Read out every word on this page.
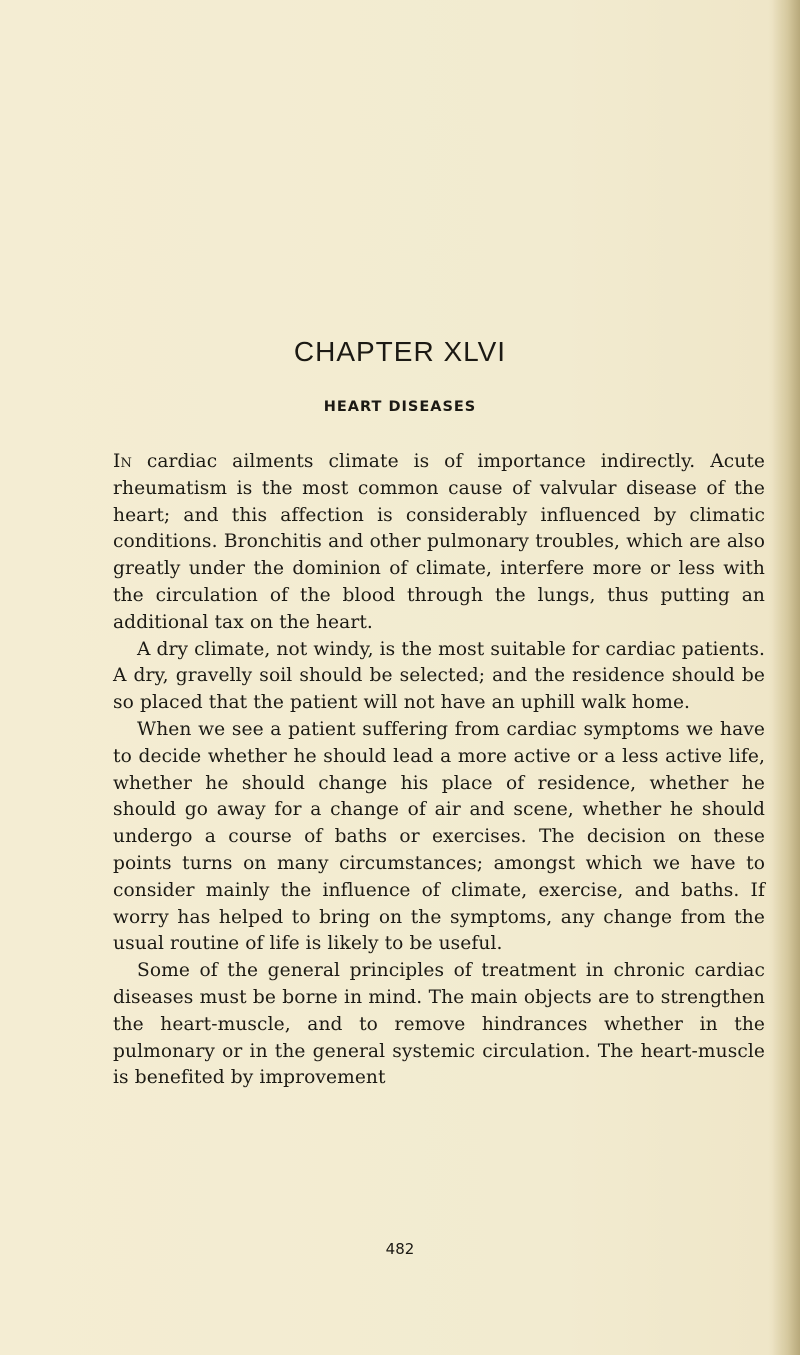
CHAPTER XLVI
HEART DISEASES

In cardiac ailments climate is of importance indirectly. Acute rheumatism is the most common cause of valvular disease of the heart; and this affection is considerably influenced by climatic conditions. Bronchitis and other pulmonary troubles, which are also greatly under the dominion of climate, interfere more or less with the circulation of the blood through the lungs, thus putting an additional tax on the heart.

A dry climate, not windy, is the most suitable for cardiac patients. A dry, gravelly soil should be selected; and the residence should be so placed that the patient will not have an uphill walk home.

When we see a patient suffering from cardiac symptoms we have to decide whether he should lead a more active or a less active life, whether he should change his place of residence, whether he should go away for a change of air and scene, whether he should undergo a course of baths or exercises. The decision on these points turns on many circumstances; amongst which we have to consider mainly the influence of climate, exercise, and baths. If worry has helped to bring on the symptoms, any change from the usual routine of life is likely to be useful.

Some of the general principles of treatment in chronic cardiac diseases must be borne in mind. The main objects are to strengthen the heart-muscle, and to remove hindrances whether in the pulmonary or in the general systemic circulation. The heart-muscle is benefited by improvement

482
